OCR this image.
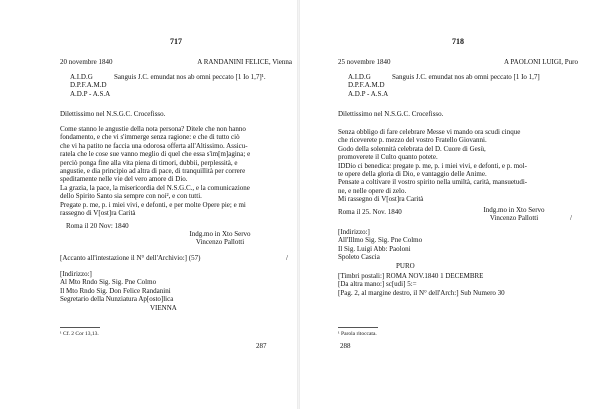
717
20 novembre 1840	A RANDANINI FELICE, Vienna
A.I.D.G	Sanguis J.C. emundat nos ab omni peccato [1 Io 1,7]¹.
D.P.F.A.M.D
A.D.P - A.S.A
Dilettissimo nel N.S.G.C. Crocefisso.

Come stanno le angustie della nota persona? Ditele che non hanno

fondamento, e che vi s'immerge senza ragione: e che di tutto ciò

che vi ha patito ne faccia una odorosa offerta all'Altissimo. Assicu-

ratela che le cose sue vanno meglio di quel che essa s'im[m]agina; e

perciò ponga fine alla vita piena di timori, dubbii, perplessità, e

angustie, e dia principio ad altra di pace, di tranquillità per correre

speditamente nelle vie del vero amore di Dio.

La grazia, la pace, la misericordia del N.S.G.C., e la comunicazione

dello Spirito Santo sia sempre con noi², e con tutti.

Pregate p. me, p. i miei vivi, e defonti, e per molte Opere pie; e mi

rassegno di V[ost]ra Carità

Roma il 20 Nov: 1840
Indg.mo in Xto Servo
Vincenzo Pallotti
[Accanto all'intestazione il N° dell'Archivio:] (57)	/
[Indirizzo:]
Al Mto Rndo Sig. Sig. Pne Colmo
Il Mto Rndo Sig. Don Felice Randanini
Segretario della Nunziatura Ap[osto]lica
VIENNA
¹ Cf. 2 Cor 13,13.
287
718
25 novembre 1840	A PAOLONI LUIGI, Puro
A.I.D.G	Sanguis J.C. emundat nos ab omni peccato [1 Io 1,7]
D.P.F.A.M.D
A.D.P - A.S.A
Dilettissimo nel N.S.G.C. Crocefisso.

Senza obbligo di fare celebrare Messe vi mando ora scudi cinque

che riceverete p. mezzo del vostro Fratello Giovanni.

Godo della solennità celebrata del D. Cuore di Gesù,

promoverete il Culto quanto potete.

IDDio ci benedica: pregate p. me, p. i miei vivi, e defonti, e p. mol-

te opere della gloria di Dio, e vantaggio delle Anime.

Pensate a coltivare il vostro spirito nella umiltà, carità, mansuetudi-

ne, e nelle opere di zelo.

Mi rassegno di V[ost]ra Carità

Roma il 25. Nov. 1840	Indg.mo in Xto Servo
Vincenzo Pallotti	/
[Indirizzo:]
All'Illmo Sig. Sig. Pne Colmo
Il Sig. Luigi Abb: Paoloni
Spoleto Cascia
PURO
[Timbri postali:] ROMA NOV.1840 1 DECEMBRE
[Da altra mano:] sc[udi] 5:=
[Pag. 2, al margine destro, il N° dell'Arch:] Sub Numero 30
¹ Parola ritoccata.
288
